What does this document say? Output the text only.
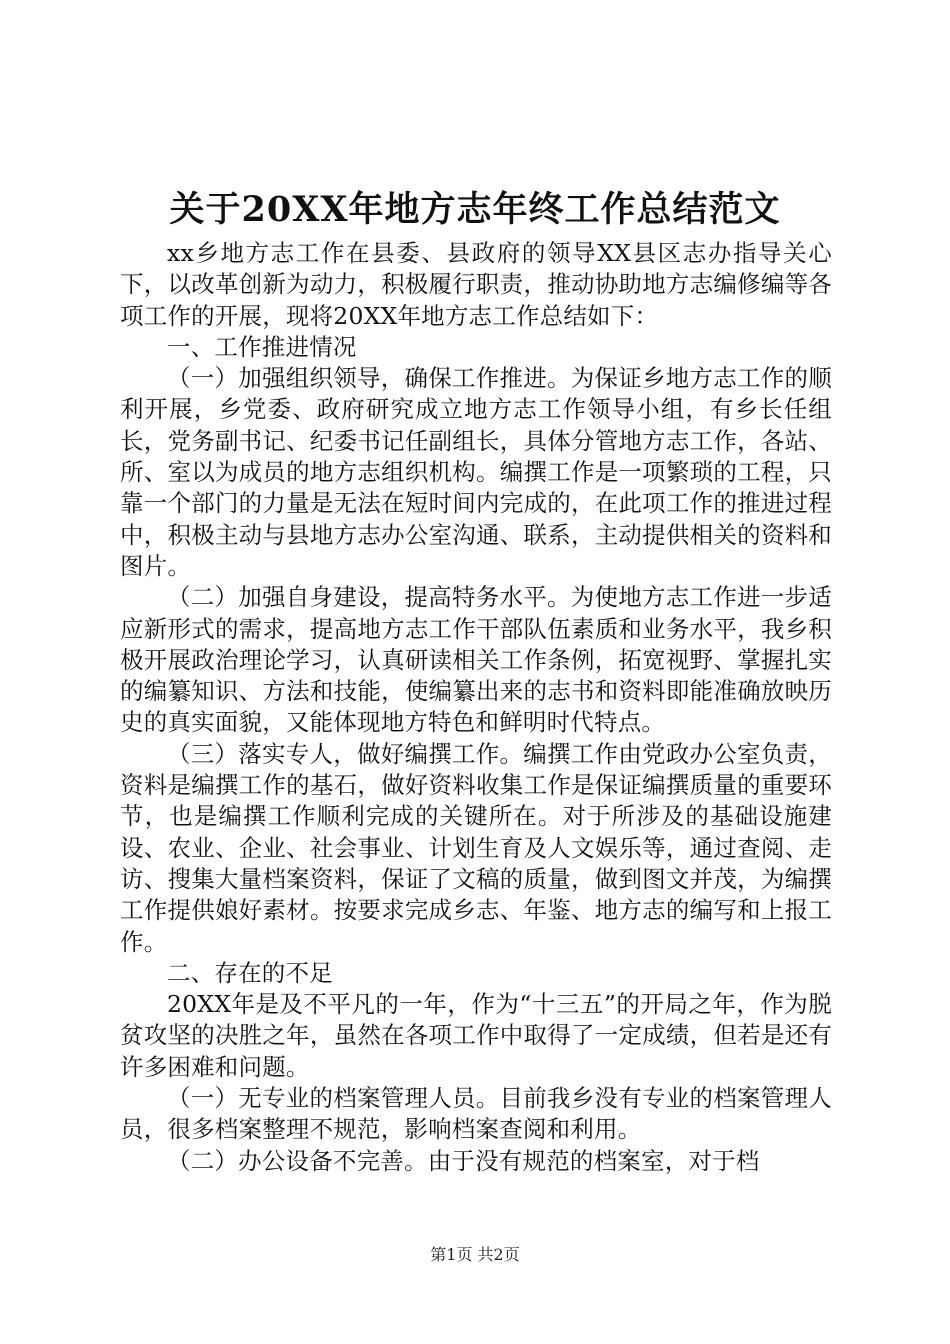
关于20XX年地方志年终工作总结范文

xx乡地方志工作在县委、县政府的领导XX县区志办指导关心下，以改革创新为动力，积极履行职责，推动协助地方志编修编等各项工作的开展，现将20XX年地方志工作总结如下：

一、工作推进情况

（一）加强组织领导，确保工作推进。为保证乡地方志工作的顺利开展，乡党委、政府研究成立地方志工作领导小组，有乡长任组长，党务副书记、纪委书记任副组长，具体分管地方志工作，各站、所、室以为成员的地方志组织机构。编撰工作是一项繁琐的工程，只靠一个部门的力量是无法在短时间内完成的，在此项工作的推进过程中，积极主动与县地方志办公室沟通、联系，主动提供相关的资料和图片。

（二）加强自身建设，提高特务水平。为使地方志工作进一步适应新形式的需求，提高地方志工作干部队伍素质和业务水平，我乡积极开展政治理论学习，认真研读相关工作条例，拓宽视野、掌握扎实的编纂知识、方法和技能，使编纂出来的志书和资料即能准确放映历史的真实面貌，又能体现地方特色和鲜明时代特点。

（三）落实专人，做好编撰工作。编撰工作由党政办公室负责，资料是编撰工作的基石，做好资料收集工作是保证编撰质量的重要环节，也是编撰工作顺利完成的关键所在。对于所涉及的基础设施建设、农业、企业、社会事业、计划生育及人文娱乐等，通过查阅、走访、搜集大量档案资料，保证了文稿的质量，做到图文并茂，为编撰工作提供娘好素材。按要求完成乡志、年鉴、地方志的编写和上报工作。

二、存在的不足

20XX年是及不平凡的一年，作为“十三五”的开局之年，作为脱贫攻坚的决胜之年，虽然在各项工作中取得了一定成绩，但若是还有许多困难和问题。

（一）无专业的档案管理人员。目前我乡没有专业的档案管理人员，很多档案整理不规范，影响档案查阅和利用。

（二）办公设备不完善。由于没有规范的档案室，对于档

第1页 共2页
